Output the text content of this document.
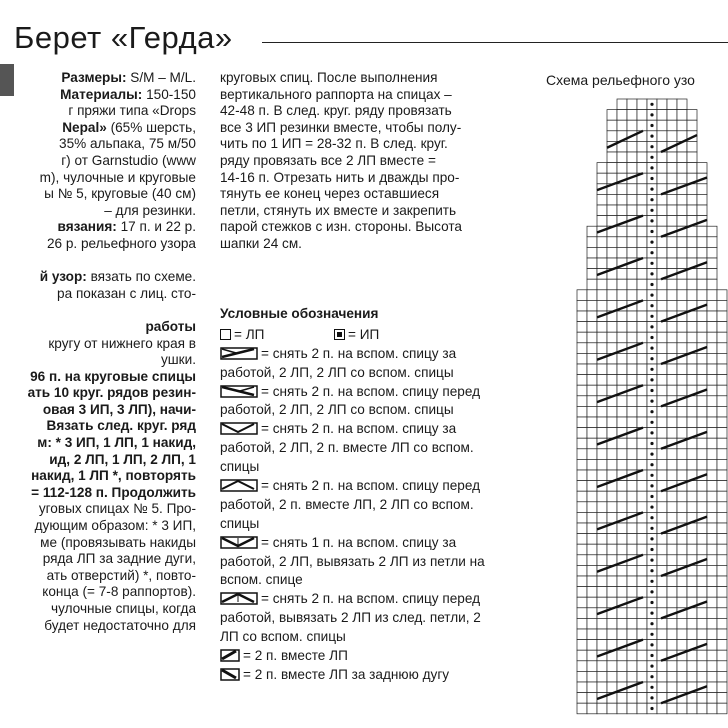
Берет «Герда»
Размеры: S/M – M/L.
Материалы: 150-150
г пряжи типа «Drops
Nepal» (65% шерсть,
35% альпака, 75 м/50
г) от Garnstudio (www
m), чулочные и круговые
ы № 5, круговые (40 см)
– для резинки.
вязания: 17 п. и 22 р.
26 р. рельефного узора
й узор: вязать по схеме.
ра показан с лиц. сто-
работы
кругу от нижнего края в
ушки.
96 п. на круговые спицы
ать 10 круг. рядов резин-
овая 3 ИП, 3 ЛП), начи-
Вязать след. круг. ряд
м: * 3 ИП, 1 ЛП, 1 накид,
ид, 2 ЛП, 1 ЛП, 2 ЛП, 1
накид, 1 ЛП *, повторять
= 112-128 п. Продолжить
уговых спицах № 5. Про-
дующим образом: * 3 ИП,
ме (провязывать накиды
ряда ЛП за задние дуги,
ать отверстий) *, повто-
конца (= 7-8 раппортов).
чулочные спицы, когда
будет недостаточно для
круговых спиц. После выполнения
вертикального раппорта на спицах –
42-48 п. В след. круг. ряду провязать
все 3 ИП резинки вместе, чтобы полу-
чить по 1 ИП = 28-32 п. В след. круг.
ряду провязать все 2 ЛП вместе =
14-16 п. Отрезать нить и дважды про-
тянуть ее конец через оставшиеся
петли, стянуть их вместе и закрепить
парой стежков с изн. стороны. Высота
шапки 24 см.
Условные обозначения
= ЛП	= ИП
= снять 2 п. на вспом. спицу за
работой, 2 ЛП, 2 ЛП со вспом. спицы
= снять 2 п. на вспом. спицу перед
работой, 2 ЛП, 2 ЛП со вспом. спицы
= снять 2 п. на вспом. спицу за
работой, 2 ЛП, 2 п. вместе ЛП со вспом.
спицы
= снять 2 п. на вспом. спицу перед
работой, 2 п. вместе ЛП, 2 ЛП со вспом.
спицы
= снять 1 п. на вспом. спицу за
работой, 2 ЛП, вывязать 2 ЛП из петли на
вспом. спице
= снять 2 п. на вспом. спицу перед
работой, вывязать 2 ЛП из след. петли, 2
ЛП со вспом. спицы
= 2 п. вместе ЛП
= 2 п. вместе ЛП за заднюю дугу
Схема рельефного узо
